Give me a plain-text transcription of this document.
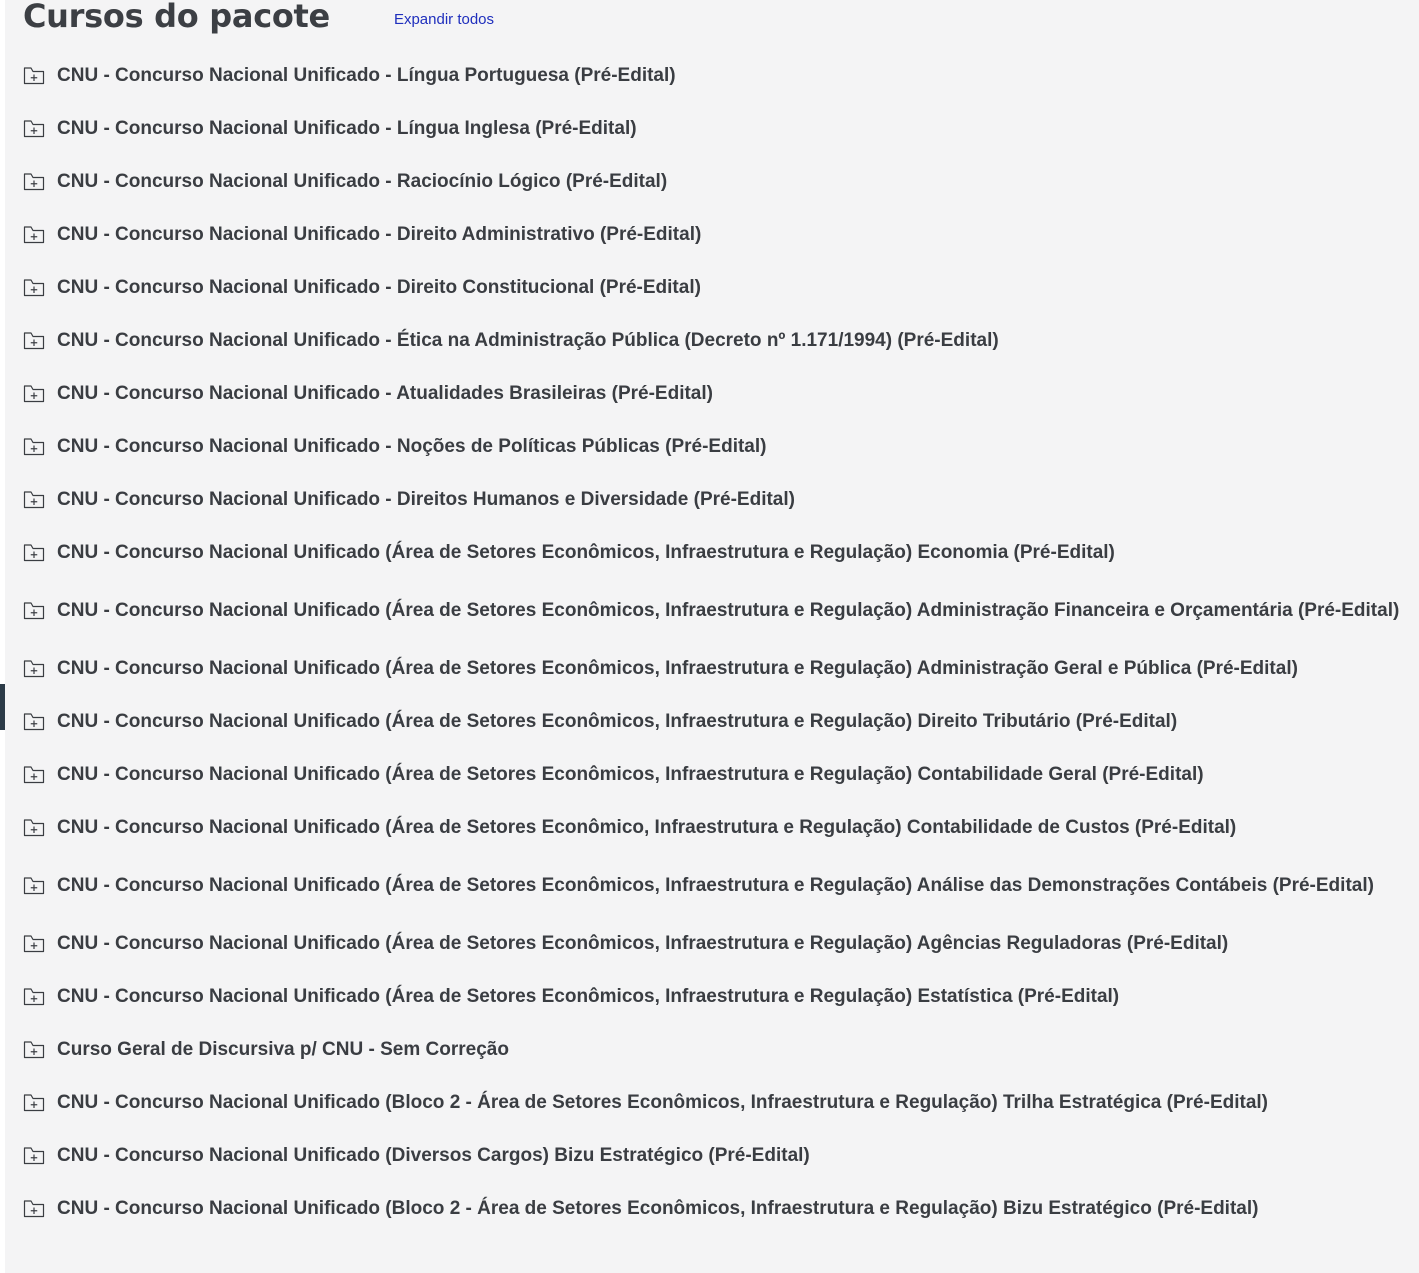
Cursos do pacote	Expandir todos
CNU - Concurso Nacional Unificado - Língua Portuguesa (Pré-Edital)
CNU - Concurso Nacional Unificado - Língua Inglesa (Pré-Edital)
CNU - Concurso Nacional Unificado - Raciocínio Lógico (Pré-Edital)
CNU - Concurso Nacional Unificado - Direito Administrativo (Pré-Edital)
CNU - Concurso Nacional Unificado - Direito Constitucional (Pré-Edital)
CNU - Concurso Nacional Unificado - Ética na Administração Pública (Decreto nº 1.171/1994) (Pré-Edital)
CNU - Concurso Nacional Unificado - Atualidades Brasileiras (Pré-Edital)
CNU - Concurso Nacional Unificado - Noções de Políticas Públicas (Pré-Edital)
CNU - Concurso Nacional Unificado - Direitos Humanos e Diversidade (Pré-Edital)
CNU - Concurso Nacional Unificado (Área de Setores Econômicos, Infraestrutura e Regulação) Economia (Pré-Edital)
CNU - Concurso Nacional Unificado (Área de Setores Econômicos, Infraestrutura e Regulação) Administração Financeira e Orçamentária (Pré-Edital)
CNU - Concurso Nacional Unificado (Área de Setores Econômicos, Infraestrutura e Regulação) Administração Geral e Pública (Pré-Edital)
CNU - Concurso Nacional Unificado (Área de Setores Econômicos, Infraestrutura e Regulação) Direito Tributário (Pré-Edital)
CNU - Concurso Nacional Unificado (Área de Setores Econômicos, Infraestrutura e Regulação) Contabilidade Geral (Pré-Edital)
CNU - Concurso Nacional Unificado (Área de Setores Econômico, Infraestrutura e Regulação) Contabilidade de Custos (Pré-Edital)
CNU - Concurso Nacional Unificado (Área de Setores Econômicos, Infraestrutura e Regulação) Análise das Demonstrações Contábeis (Pré-Edital)
CNU - Concurso Nacional Unificado (Área de Setores Econômicos, Infraestrutura e Regulação) Agências Reguladoras (Pré-Edital)
CNU - Concurso Nacional Unificado (Área de Setores Econômicos, Infraestrutura e Regulação) Estatística (Pré-Edital)
Curso Geral de Discursiva p/ CNU - Sem Correção
CNU - Concurso Nacional Unificado (Bloco 2 - Área de Setores Econômicos, Infraestrutura e Regulação) Trilha Estratégica (Pré-Edital)
CNU - Concurso Nacional Unificado (Diversos Cargos) Bizu Estratégico (Pré-Edital)
CNU - Concurso Nacional Unificado (Bloco 2 - Área de Setores Econômicos, Infraestrutura e Regulação) Bizu Estratégico (Pré-Edital)
